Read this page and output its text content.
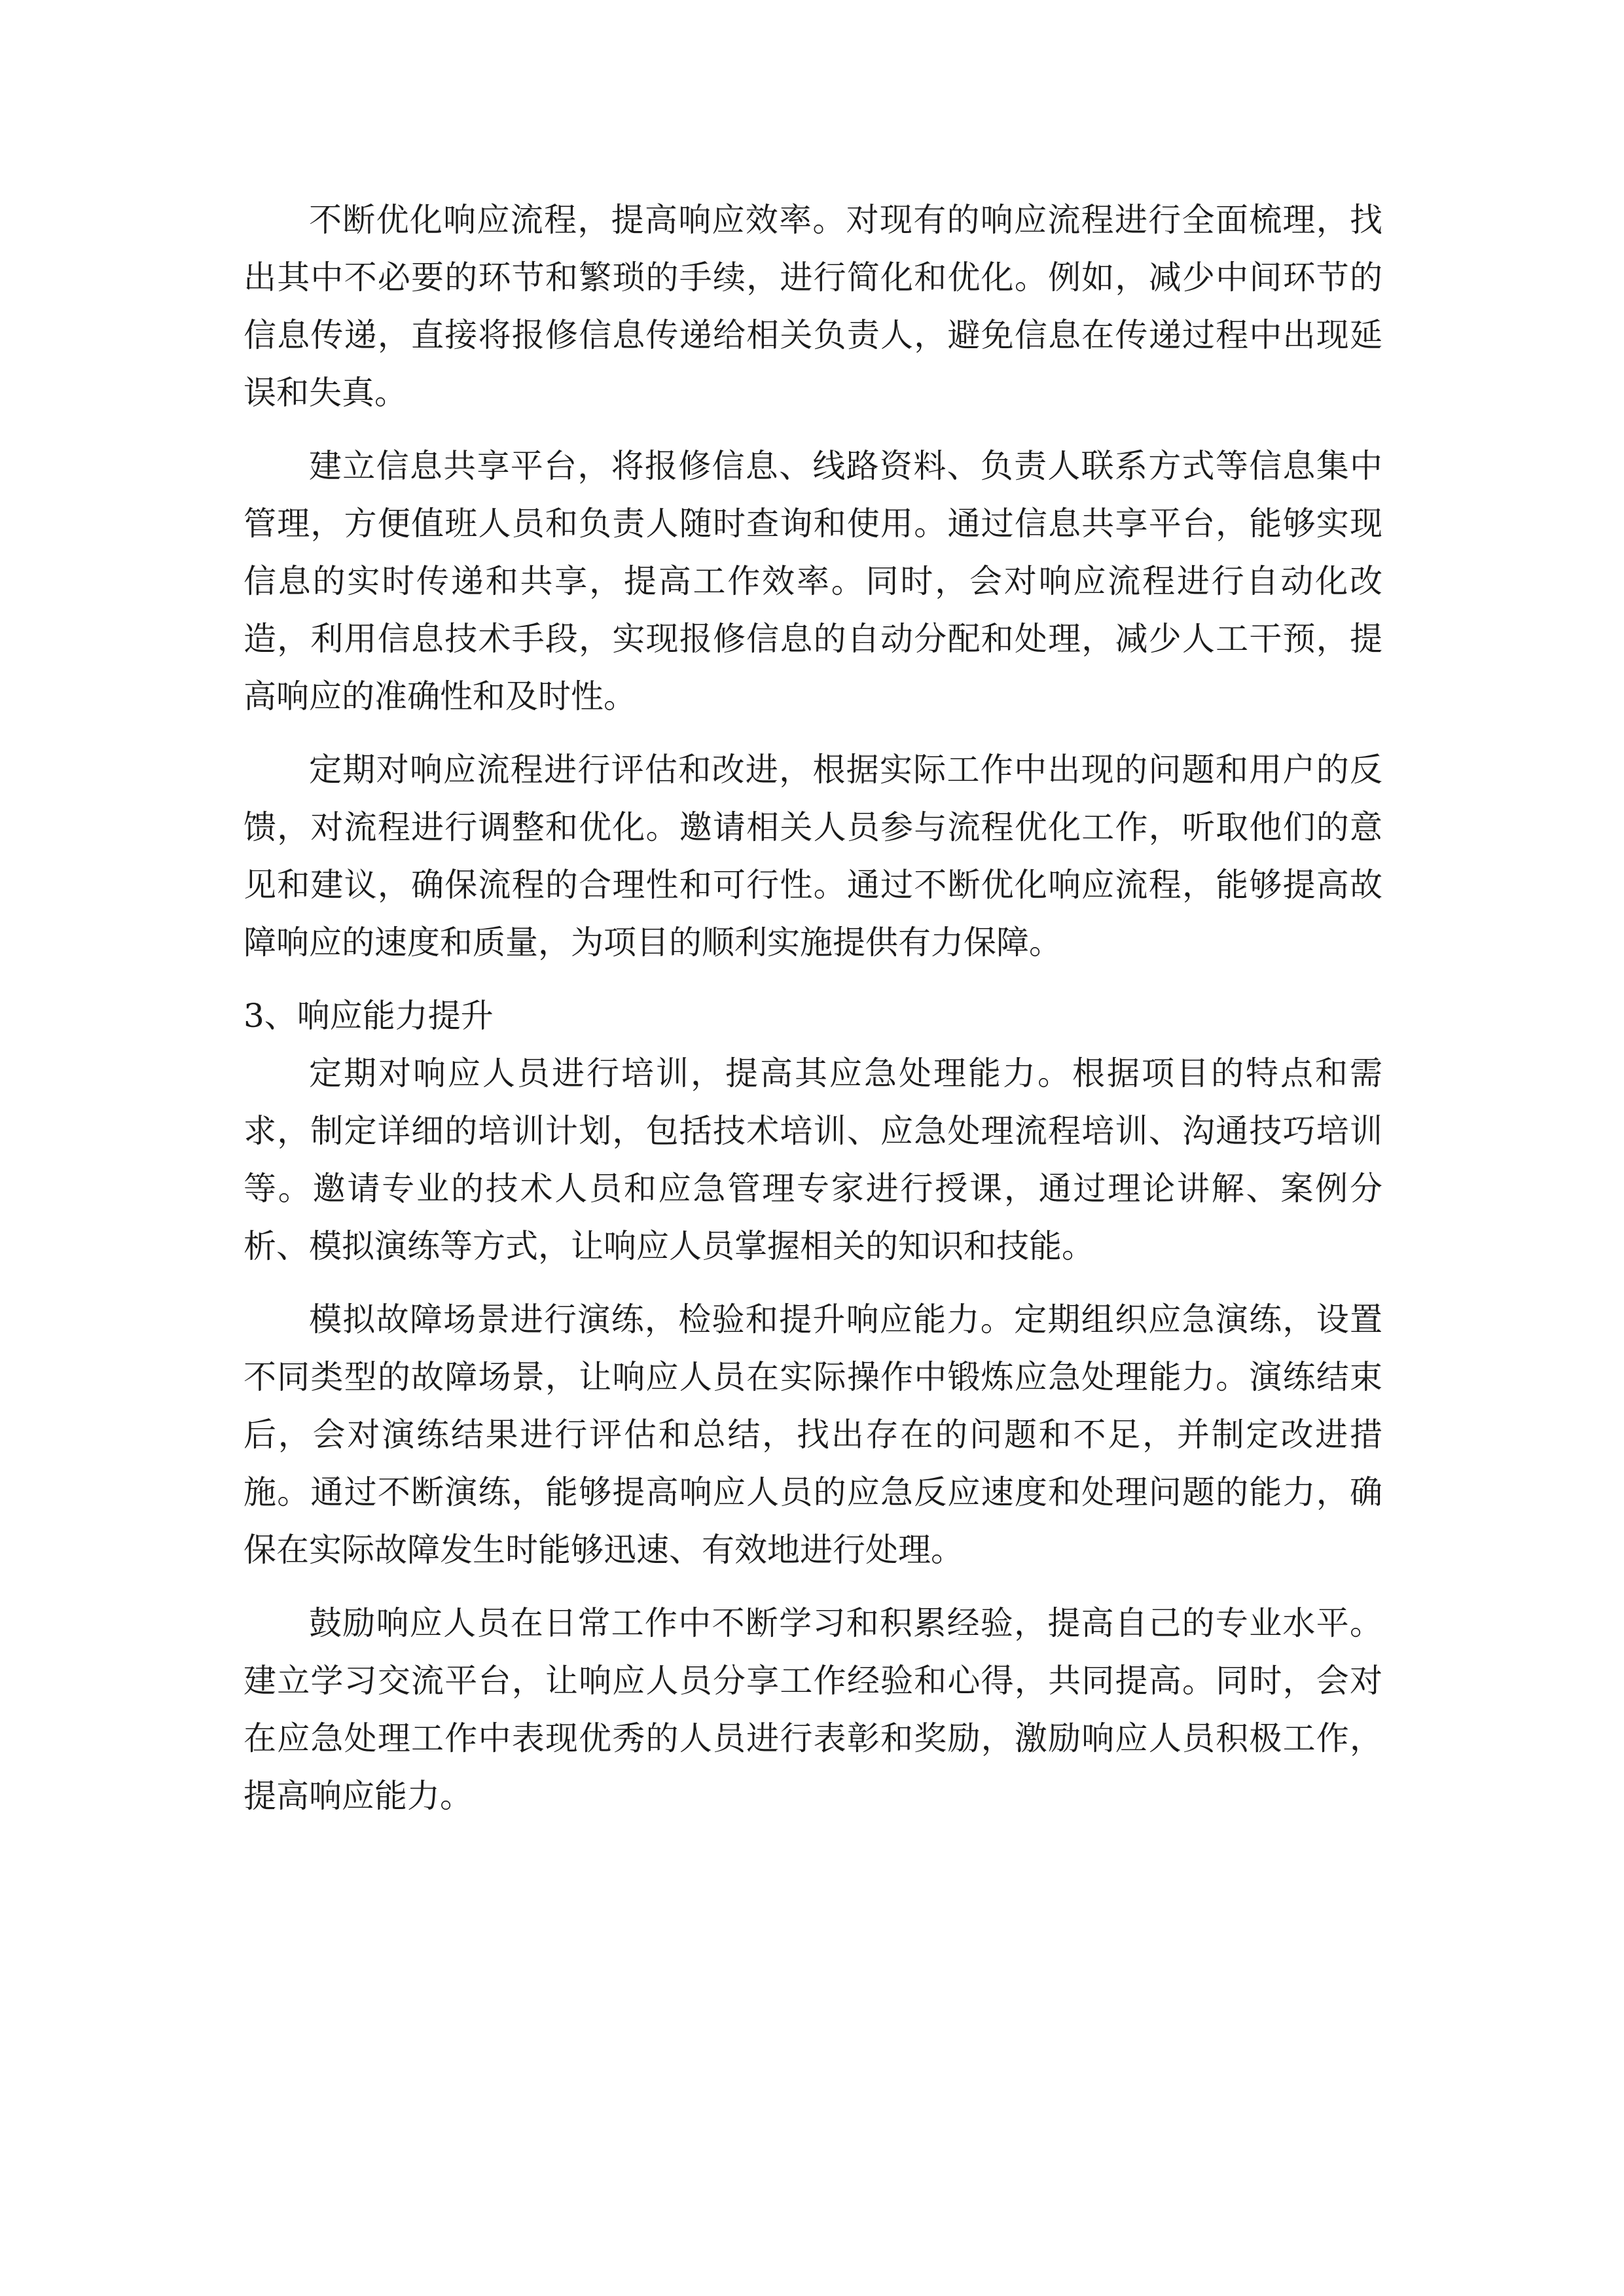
不断优化响应流程，提高响应效率。对现有的响应流程进行全面梳理，找出其中不必要的环节和繁琐的手续，进行简化和优化。例如，减少中间环节的信息传递，直接将报修信息传递给相关负责人，避免信息在传递过程中出现延误和失真。

建立信息共享平台，将报修信息、线路资料、负责人联系方式等信息集中管理，方便值班人员和负责人随时查询和使用。通过信息共享平台，能够实现信息的实时传递和共享，提高工作效率。同时，会对响应流程进行自动化改造，利用信息技术手段，实现报修信息的自动分配和处理，减少人工干预，提高响应的准确性和及时性。

定期对响应流程进行评估和改进，根据实际工作中出现的问题和用户的反馈，对流程进行调整和优化。邀请相关人员参与流程优化工作，听取他们的意见和建议，确保流程的合理性和可行性。通过不断优化响应流程，能够提高故障响应的速度和质量，为项目的顺利实施提供有力保障。

3、响应能力提升

定期对响应人员进行培训，提高其应急处理能力。根据项目的特点和需求，制定详细的培训计划，包括技术培训、应急处理流程培训、沟通技巧培训等。邀请专业的技术人员和应急管理专家进行授课，通过理论讲解、案例分析、模拟演练等方式，让响应人员掌握相关的知识和技能。

模拟故障场景进行演练，检验和提升响应能力。定期组织应急演练，设置不同类型的故障场景，让响应人员在实际操作中锻炼应急处理能力。演练结束后，会对演练结果进行评估和总结，找出存在的问题和不足，并制定改进措施。通过不断演练，能够提高响应人员的应急反应速度和处理问题的能力，确保在实际故障发生时能够迅速、有效地进行处理。

鼓励响应人员在日常工作中不断学习和积累经验，提高自己的专业水平。建立学习交流平台，让响应人员分享工作经验和心得，共同提高。同时，会对在应急处理工作中表现优秀的人员进行表彰和奖励，激励响应人员积极工作，提高响应能力。
